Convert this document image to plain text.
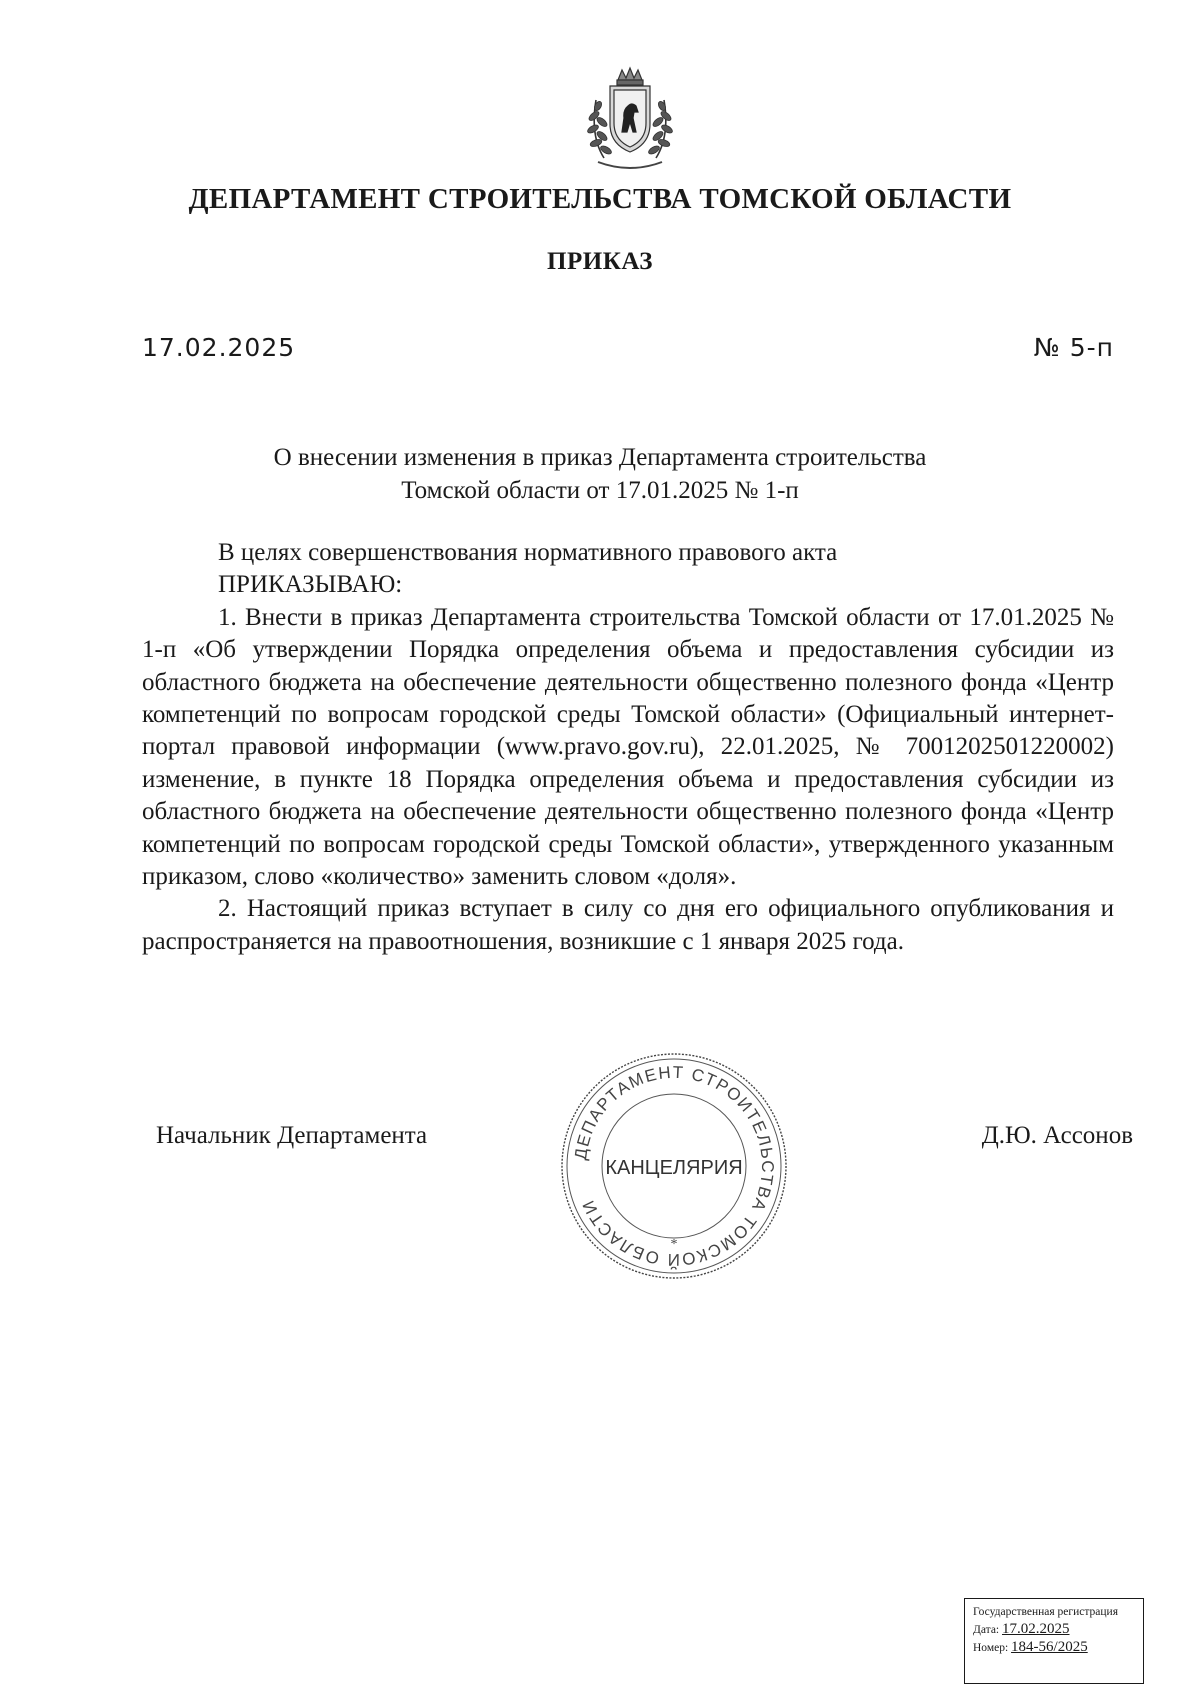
ДЕПАРТАМЕНТ СТРОИТЕЛЬСТВА ТОМСКОЙ ОБЛАСТИ
ПРИКАЗ
17.02.2025	№ 5-п
О внесении изменения в приказ Департамента строительства
Томской области от 17.01.2025 № 1-п

В целях совершенствования нормативного правового акта

ПРИКАЗЫВАЮ:

1. Внести в приказ Департамента строительства Томской области от 17.01.2025 № 1-п «Об утверждении Порядка определения объема и предоставления субсидии из областного бюджета на обеспечение деятельности общественно полезного фонда «Центр компетенций по вопросам городской среды Томской области» (Официальный интернет-портал правовой информации (www.pravo.gov.ru), 22.01.2025, № 7001202501220002) изменение, в пункте 18 Порядка определения объема и предоставления субсидии из областного бюджета на обеспечение деятельности общественно полезного фонда «Центр компетенций по вопросам городской среды Томской области», утвержденного указанным приказом, слово «количество» заменить словом «доля».

2. Настоящий приказ вступает в силу со дня его официального опубликования и распространяется на правоотношения, возникшие с 1 января 2025 года.

Начальник Департамента	Д.Ю. Ассонов
ДЕПАРТАМЕНТ СТРОИТЕЛЬСТВА ТОМСКОЙ ОБЛАСТИ
КАНЦЕЛЯРИЯ
*
Государственная регистрация
Дата: 17.02.2025
Номер: 184-56/2025
